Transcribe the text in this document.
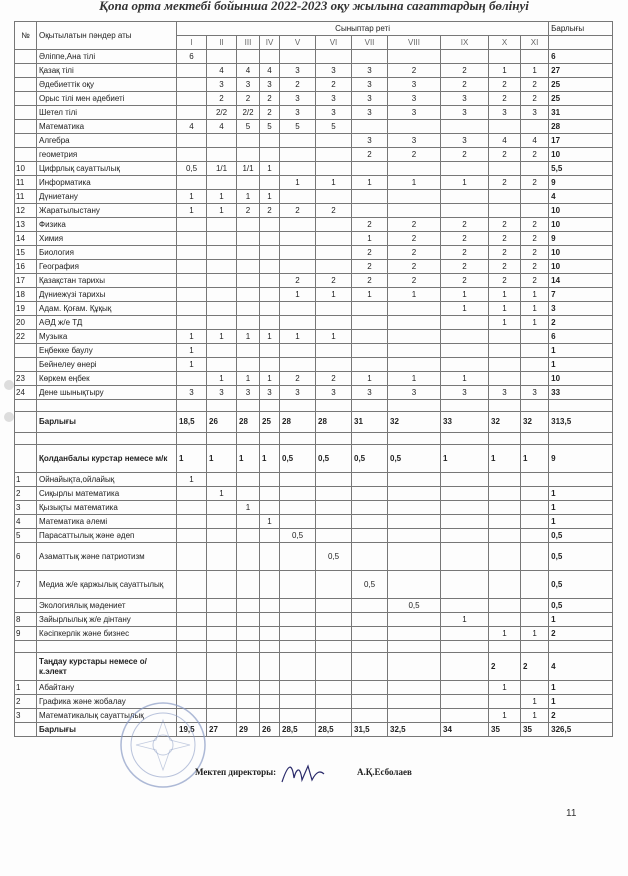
Қопа орта мектебі бойынша 2022-2023 оқу жылына сағаттардың бөлінуі
№	Оқытылатын пәндер аты	Сыныптар реті											Барлығы
		I	II	III	IV	V	VI	VII	VIII	IX	X	XI	
	Әліппе,Ана тілі	6											6
	Қазақ тілі		4	4	4	3	3	3	2	2	1	1	27
	Әдебиеттік оқу		3	3	3	2	2	3	3	2	2	2	25
	Орыс тілі мен әдебиеті		2	2	2	3	3	3	3	3	2	2	25
	Шетел тілі		2/2	2/2	2	3	3	3	3	3	3	3	31
	Математика	4	4	5	5	5	5						28
	Алгебра							3	3	3	4	4	17
	геометрия							2	2	2	2	2	10
10	Цифрлық сауаттылық	0,5	1/1	1/1	1								5,5
11	Информатика					1	1	1	1	1	2	2	9
11	Дүниетану	1	1	1	1								4
12	Жаратылыстану	1	1	2	2	2	2						10
13	Физика							2	2	2	2	2	10
14	Химия							1	2	2	2	2	9
15	Биология							2	2	2	2	2	10
16	География							2	2	2	2	2	10
17	Қазақстан тарихы					2	2	2	2	2	2	2	14
18	Дүниежүзі тарихы					1	1	1	1	1	1	1	7
19	Адам. Қоғам. Құқық									1	1	1	3
20	АӘД ж/е ТД										1	1	2
22	Музыка	1	1	1	1	1	1						6
	Еңбекке баулу	1											1
	Бейнелеу өнері	1											1
23	Көркем еңбек		1	1	1	2	2	1	1	1			10
24	Дене шынықтыру	3	3	3	3	3	3	3	3	3	3	3	33

	Барлығы	18,5	26	28	25	28	28	31	32	33	32	32	313,5

	Қолданбалы курстар немесе м/к	1	1	1	1	0,5	0,5	0,5	0,5	1	1	1	9
1	Ойнайықта,ойлайық	1											
2	Сиқырлы математика		1										1
3	Қызықты математика			1									1
4	Математика әлемі				1								1
5	Парасаттылық және әдеп					0,5							0,5
6	Азаматтық және патриотизм						0,5						0,5
7	Медиа ж/е қаржылық сауаттылық							0,5					0,5
	Экологиялық мәдениет								0,5				0,5
8	Зайырлылық ж/е дінтану									1			1
9	Кәсіпкерлік және бизнес										1	1	2

	Таңдау курстары немесе о/к.элект										2	2	4
1	Абайтану										1		1
2	Графика және жобалау											1	1
3	Математикалық сауаттылық										1	1	2
	Барлығы	19,5	27	29	26	28,5	28,5	31,5	32,5	34	35	35	326,5
Мектеп директоры:	А.Қ.Есболаев
11
